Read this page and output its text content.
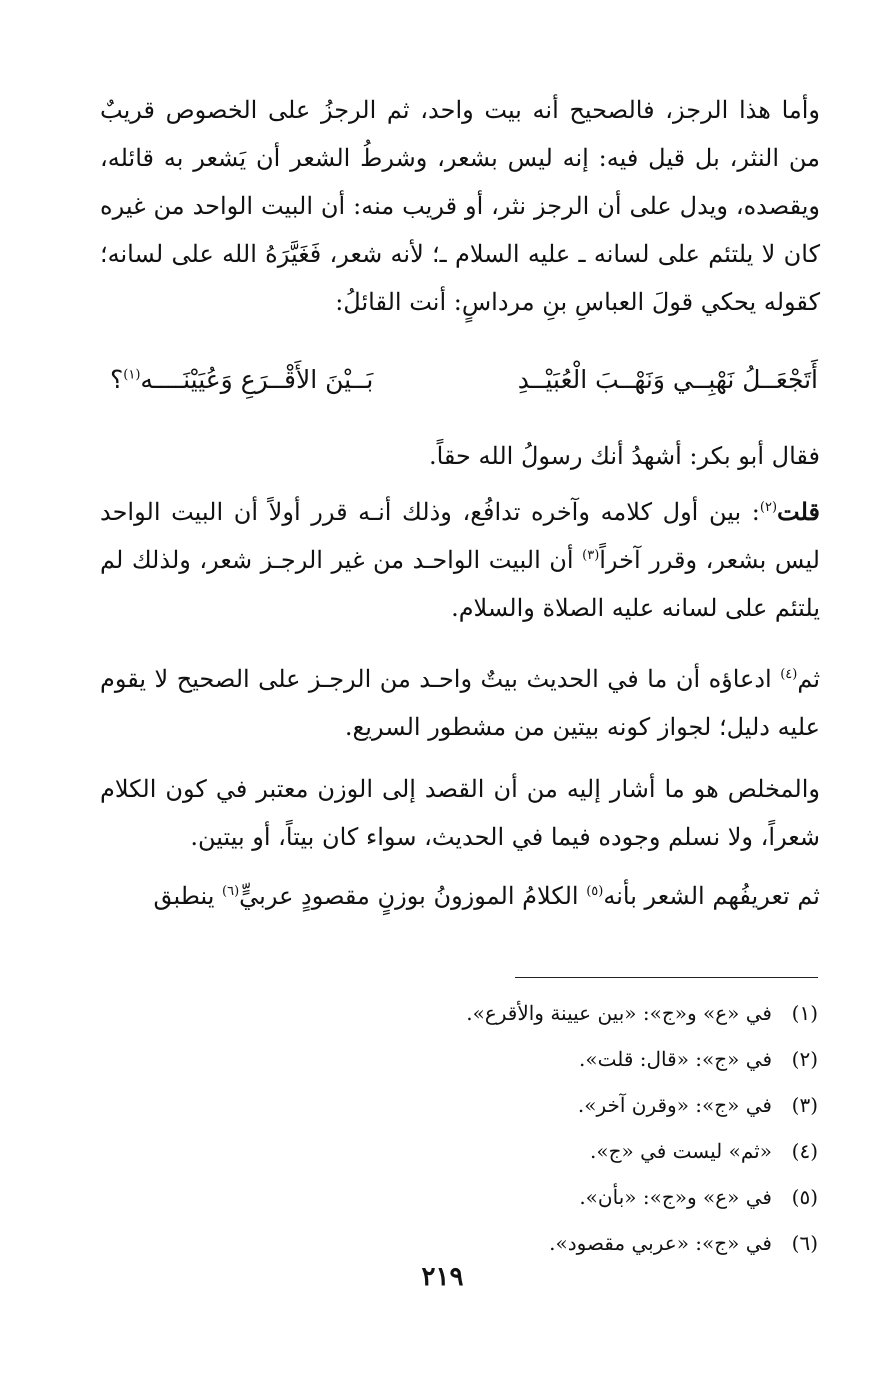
وأما هذا الرجز، فالصحيح أنه بيت واحد، ثم الرجزُ على الخصوص قريبٌ من النثر، بل قيل فيه: إنه ليس بشعر، وشرطُ الشعر أن يَشعر به قائله، ويقصده، ويدل على أن الرجز نثر، أو قريب منه: أن البيت الواحد من غيره كان لا يلتئم على لسانه ـ عليه السلام ـ؛ لأنه شعر، فَغَيَّرَهُ الله على لسانه؛ كقوله يحكي قولَ العباسِ بنِ مرداسٍ: أنت القائلُ:

أَتَجْعَــلُ نَهْبِــي وَنَهْــبَ الْعُبَيْــدِ
بَــيْنَ الأَقْــرَعِ وَعُيَيْنَــــه$^{(١)}$؟

فقال أبو بكر: أشهدُ أنك رسولُ الله حقاً.

قلت$^{(٢)}$: بين أول كلامه وآخره تدافُع، وذلك أنـه قرر أولاً أن البيت الواحد ليس بشعر، وقرر آخراً$^{(٣)}$ أن البيت الواحـد من غير الرجـز شعر، ولذلك لم يلتئم على لسانه عليه الصلاة والسلام.

ثم$^{(٤)}$ ادعاؤه أن ما في الحديث بيتٌ واحـد من الرجـز على الصحيح لا يقوم عليه دليل؛ لجواز كونه بيتين من مشطور السريع.

والمخلص هو ما أشار إليه من أن القصد إلى الوزن معتبر في كون الكلام شعراً، ولا نسلم وجوده فيما في الحديث، سواء كان بيتاً، أو بيتين.

ثم تعريفُهم الشعر بأنه$^{(٥)}$ الكلامُ الموزونُ بوزنٍ مقصودٍ عربيٍّ$^{(٦)}$ ينطبق

(١)في «ع» و«ج»: «بين عيينة والأقرع».
(٢)في «ج»: «قال: قلت».
(٣)في «ج»: «وقرن آخر».
(٤)«ثم» ليست في «ج».
(٥)في «ع» و«ج»: «بأن».
(٦)في «ج»: «عربي مقصود».
٢١٩
